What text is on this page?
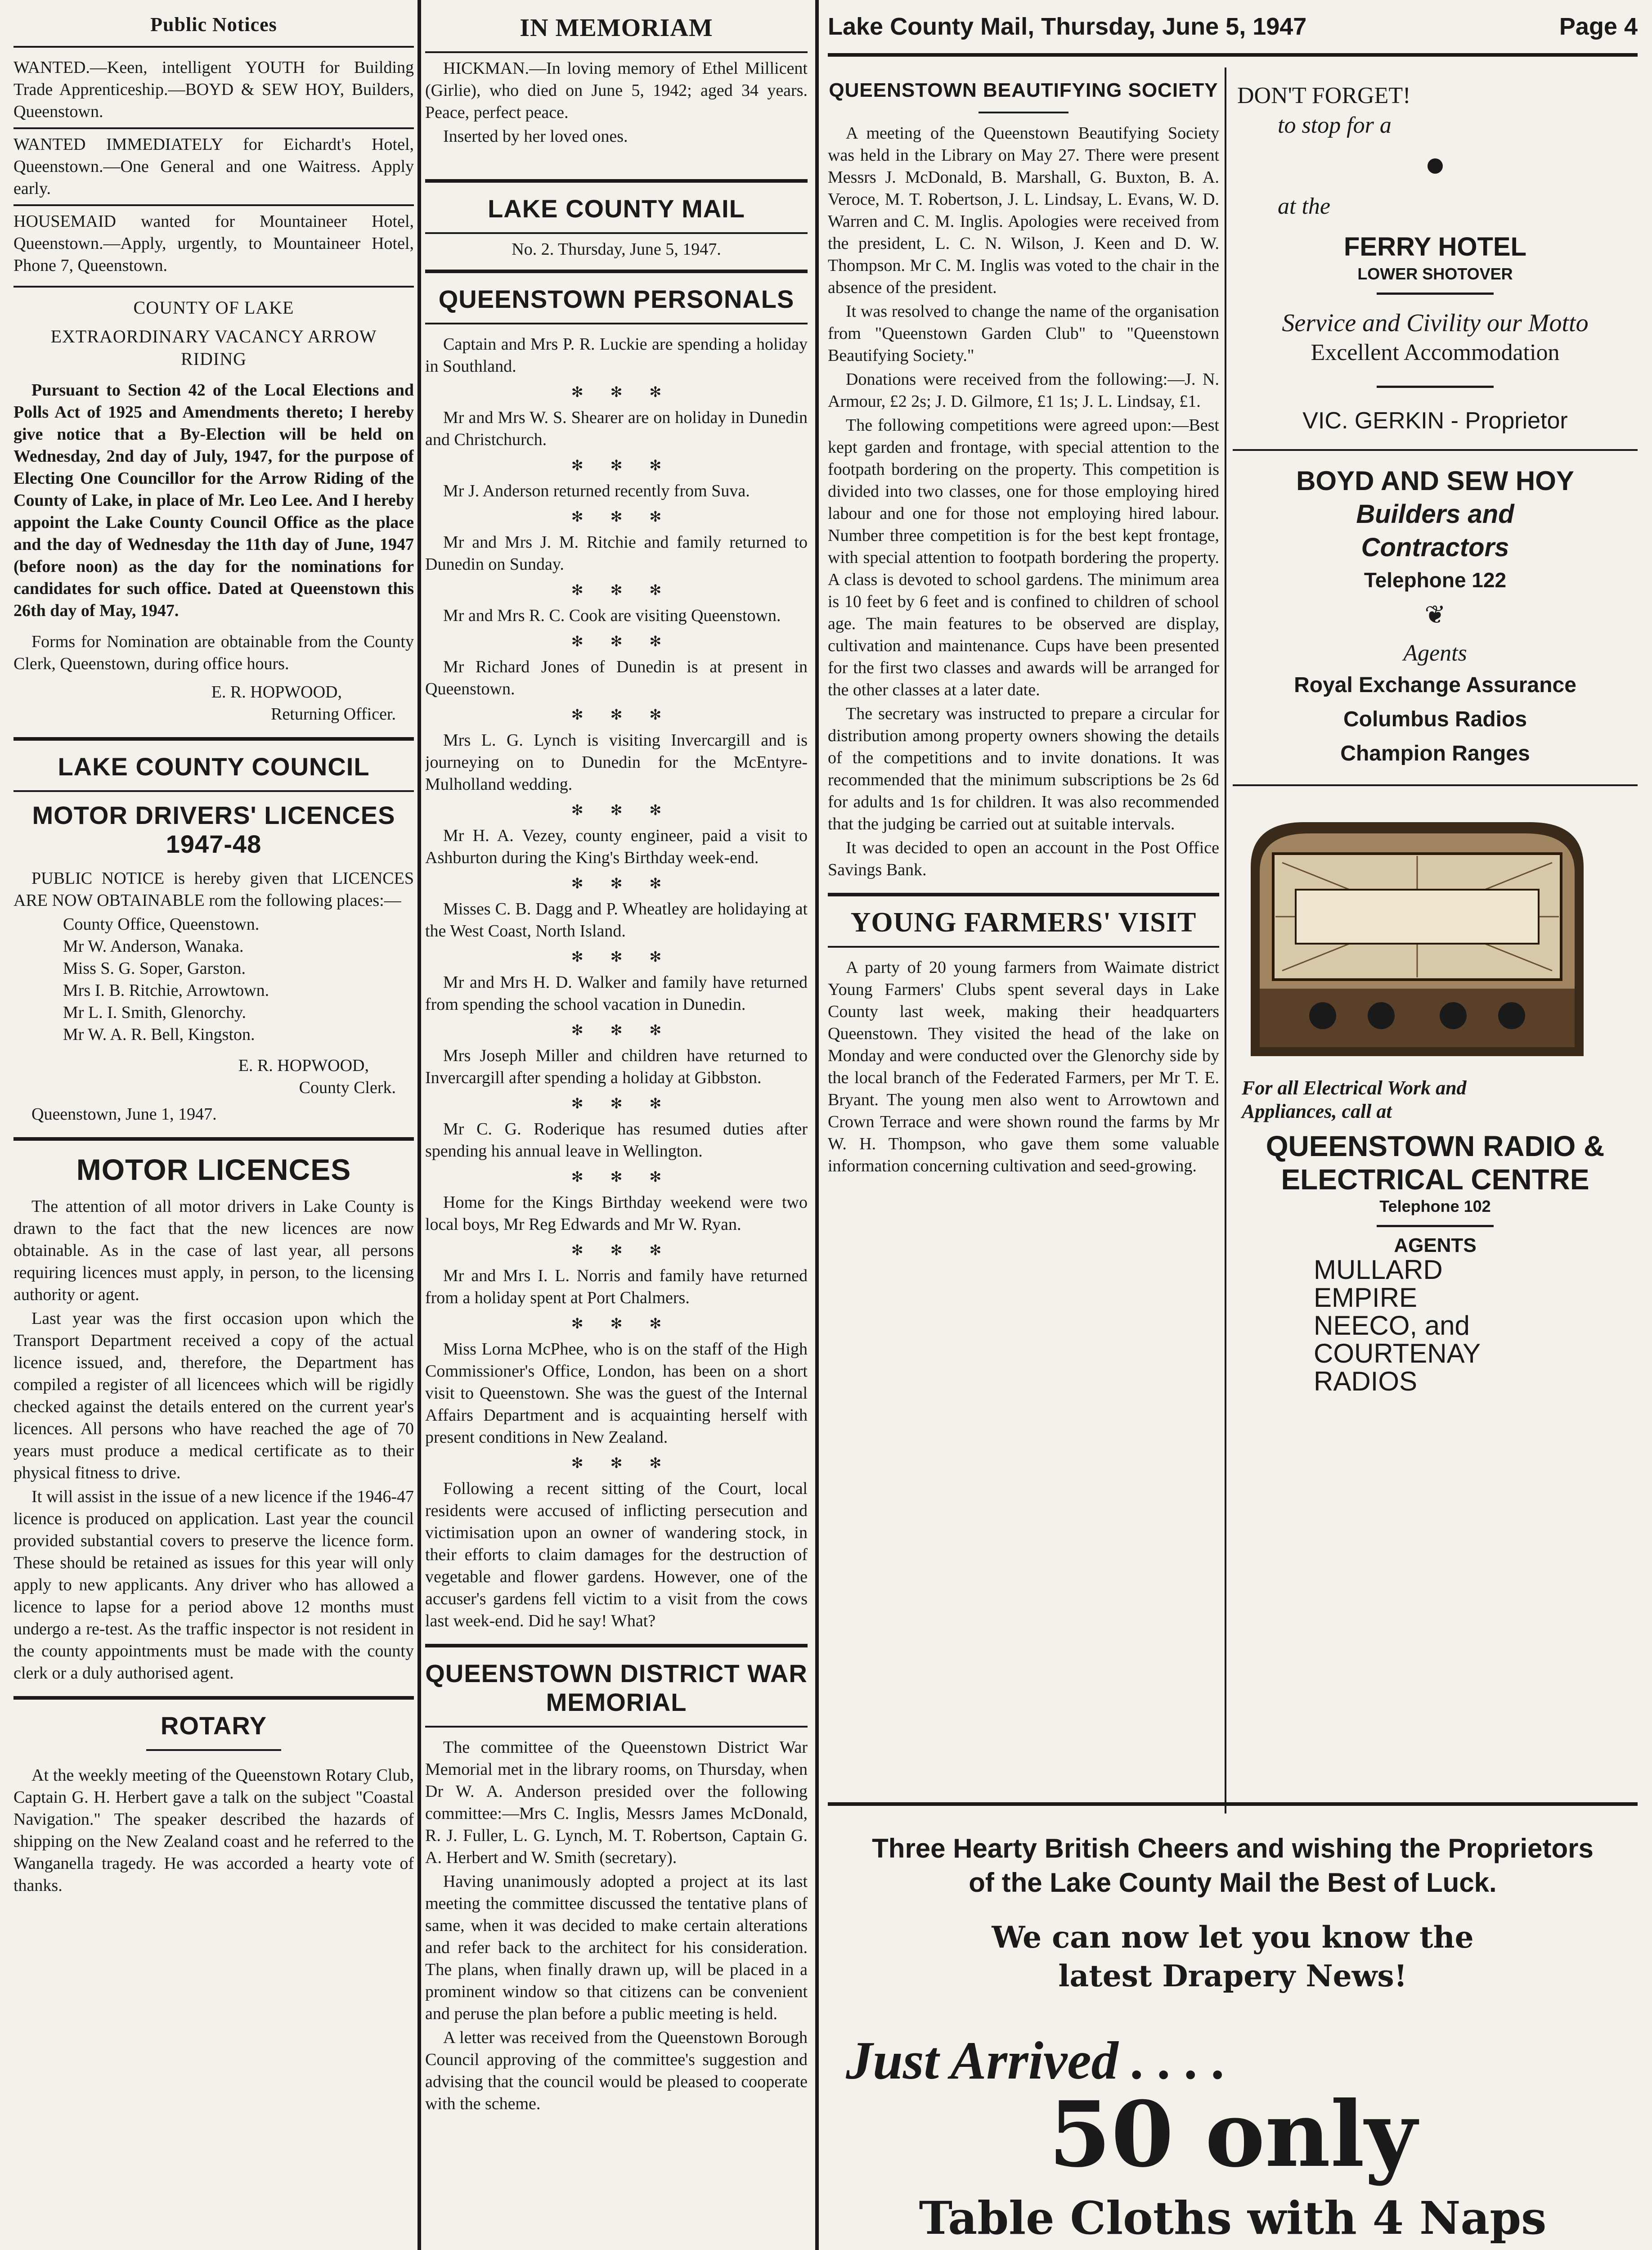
Lake County Mail, Thursday, June 5, 1947	Page 4
Public Notices

WANTED.—Keen, intelligent YOUTH for Building Trade Apprenticeship.—BOYD & SEW HOY, Builders, Queenstown.

WANTED IMMEDIATELY for Eichardt's Hotel, Queenstown.—One General and one Waitress. Apply early.

HOUSEMAID wanted for Mountaineer Hotel, Queenstown.—Apply, urgently, to Mountaineer Hotel, Phone 7, Queenstown.

COUNTY OF LAKE
EXTRAORDINARY VACANCY ARROW RIDING

Pursuant to Section 42 of the Local Elections and Polls Act of 1925 and Amendments thereto; I hereby give notice that a By-Election will be held on Wednesday, 2nd day of July, 1947, for the purpose of Electing One Councillor for the Arrow Riding of the County of Lake, in place of Mr. Leo Lee. And I hereby appoint the Lake County Council Office as the place and the day of Wednesday the 11th day of June, 1947 (before noon) as the day for the nominations for candidates for such office. Dated at Queenstown this 26th day of May, 1947.

Forms for Nomination are obtainable from the County Clerk, Queenstown, during office hours.

E. R. HOPWOOD,
Returning Officer.
LAKE COUNTY COUNCIL
MOTOR DRIVERS' LICENCES 1947-48

PUBLIC NOTICE is hereby given that LICENCES ARE NOW OBTAINABLE rom the following places:—

County Office, Queenstown.
Mr W. Anderson, Wanaka.
Miss S. G. Soper, Garston.
Mrs I. B. Ritchie, Arrowtown.
Mr L. I. Smith, Glenorchy.
Mr W. A. R. Bell, Kingston.
E. R. HOPWOOD,
County Clerk.
Queenstown, June 1, 1947.
MOTOR LICENCES

The attention of all motor drivers in Lake County is drawn to the fact that the new licences are now obtainable. As in the case of last year, all persons requiring licences must apply, in person, to the licensing authority or agent.

Last year was the first occasion upon which the Transport Department received a copy of the actual licence issued, and, therefore, the Department has compiled a register of all licencees which will be rigidly checked against the details entered on the current year's licences. All persons who have reached the age of 70 years must produce a medical certificate as to their physical fitness to drive.

It will assist in the issue of a new licence if the 1946-47 licence is produced on application. Last year the council provided substantial covers to preserve the licence form. These should be retained as issues for this year will only apply to new applicants. Any driver who has allowed a licence to lapse for a period above 12 months must undergo a re-test. As the traffic inspector is not resident in the county appointments must be made with the county clerk or a duly authorised agent.

ROTARY

At the weekly meeting of the Queenstown Rotary Club, Captain G. H. Herbert gave a talk on the subject "Coastal Navigation." The speaker described the hazards of shipping on the New Zealand coast and he referred to the Wanganella tragedy. He was accorded a hearty vote of thanks.

IN MEMORIAM

HICKMAN.—In loving memory of Ethel Millicent (Girlie), who died on June 5, 1942; aged 34 years. Peace, perfect peace.

Inserted by her loved ones.

LAKE COUNTY MAIL
No. 2. Thursday, June 5, 1947.
QUEENSTOWN PERSONALS

Captain and Mrs P. R. Luckie are spending a holiday in Southland.

✻✻✻

Mr and Mrs W. S. Shearer are on holiday in Dunedin and Christchurch.

✻✻✻

Mr J. Anderson returned recently from Suva.

✻✻✻

Mr and Mrs J. M. Ritchie and family returned to Dunedin on Sunday.

✻✻✻

Mr and Mrs R. C. Cook are visiting Queenstown.

✻✻✻

Mr Richard Jones of Dunedin is at present in Queenstown.

✻✻✻

Mrs L. G. Lynch is visiting Invercargill and is journeying on to Dunedin for the McEntyre-Mulholland wedding.

✻✻✻

Mr H. A. Vezey, county engineer, paid a visit to Ashburton during the King's Birthday week-end.

✻✻✻

Misses C. B. Dagg and P. Wheatley are holidaying at the West Coast, North Island.

✻✻✻

Mr and Mrs H. D. Walker and family have returned from spending the school vacation in Dunedin.

✻✻✻

Mrs Joseph Miller and children have returned to Invercargill after spending a holiday at Gibbston.

✻✻✻

Mr C. G. Roderique has resumed duties after spending his annual leave in Wellington.

✻✻✻

Home for the Kings Birthday weekend were two local boys, Mr Reg Edwards and Mr W. Ryan.

✻✻✻

Mr and Mrs I. L. Norris and family have returned from a holiday spent at Port Chalmers.

✻✻✻

Miss Lorna McPhee, who is on the staff of the High Commissioner's Office, London, has been on a short visit to Queenstown. She was the guest of the Internal Affairs Department and is acquainting herself with present conditions in New Zealand.

✻✻✻

Following a recent sitting of the Court, local residents were accused of inflicting persecution and victimisation upon an owner of wandering stock, in their efforts to claim damages for the destruction of vegetable and flower gardens. However, one of the accuser's gardens fell victim to a visit from the cows last week-end. Did he say! What?

QUEENSTOWN DISTRICT WAR MEMORIAL

The committee of the Queenstown District War Memorial met in the library rooms, on Thursday, when Dr W. A. Anderson presided over the following committee:—Mrs C. Inglis, Messrs James McDonald, R. J. Fuller, L. G. Lynch, M. T. Robertson, Captain G. A. Herbert and W. Smith (secretary).

Having unanimously adopted a project at its last meeting the committee discussed the tentative plans of same, when it was decided to make certain alterations and refer back to the architect for his consideration. The plans, when finally drawn up, will be placed in a prominent window so that citizens can be convenient and peruse the plan before a public meeting is held.

A letter was received from the Queenstown Borough Council approving of the committee's suggestion and advising that the council would be pleased to cooperate with the scheme.

QUEENSTOWN BEAUTIFYING SOCIETY

A meeting of the Queenstown Beautifying Society was held in the Library on May 27. There were present Messrs J. McDonald, B. Marshall, G. Buxton, B. A. Veroce, M. T. Robertson, J. L. Lindsay, L. Evans, W. D. Warren and C. M. Inglis. Apologies were received from the president, L. C. N. Wilson, J. Keen and D. W. Thompson. Mr C. M. Inglis was voted to the chair in the absence of the president.

It was resolved to change the name of the organisation from "Queenstown Garden Club" to "Queenstown Beautifying Society."

Donations were received from the following:—J. N. Armour, £2 2s; J. D. Gilmore, £1 1s; J. L. Lindsay, £1.

The following competitions were agreed upon:—Best kept garden and frontage, with special attention to the footpath bordering on the property. This competition is divided into two classes, one for those employing hired labour and one for those not employing hired labour. Number three competition is for the best kept frontage, with special attention to footpath bordering the property. A class is devoted to school gardens. The minimum area is 10 feet by 6 feet and is confined to children of school age. The main features to be observed are display, cultivation and maintenance. Cups have been presented for the first two classes and awards will be arranged for the other classes at a later date.

The secretary was instructed to prepare a circular for distribution among property owners showing the details of the competitions and to invite donations. It was recommended that the minimum subscriptions be 2s 6d for adults and 1s for children. It was also recommended that the judging be carried out at suitable intervals.

It was decided to open an account in the Post Office Savings Bank.

YOUNG FARMERS' VISIT

A party of 20 young farmers from Waimate district Young Farmers' Clubs spent several days in Lake County last week, making their headquarters Queenstown. They visited the head of the lake on Monday and were conducted over the Glenorchy side by the local branch of the Federated Farmers, per Mr T. E. Bryant. The young men also went to Arrowtown and Crown Terrace and were shown round the farms by Mr W. H. Thompson, who gave them some valuable information concerning cultivation and seed-growing.

DON'T FORGET!
to stop for a
at the
FERRY HOTEL
LOWER SHOTOVER
Service and Civility our Motto
Excellent Accommodation
VIC. GERKIN - Proprietor
BOYD AND SEW HOY
Builders and
Contractors
Telephone 122
❦
Agents
Royal Exchange Assurance
Columbus Radios
Champion Ranges
For all Electrical Work and
Appliances, call at
QUEENSTOWN RADIO &
ELECTRICAL CENTRE
Telephone 102
AGENTS
MULLARD
EMPIRE
NEECO, and
COURTENAY
RADIOS
Three Hearty British Cheers and wishing the Proprietors
of the Lake County Mail the Best of Luck.
We can now let you know the
latest Drapery News!
Just Arrived . . . .
50 only
Table Cloths with 4 Naps
